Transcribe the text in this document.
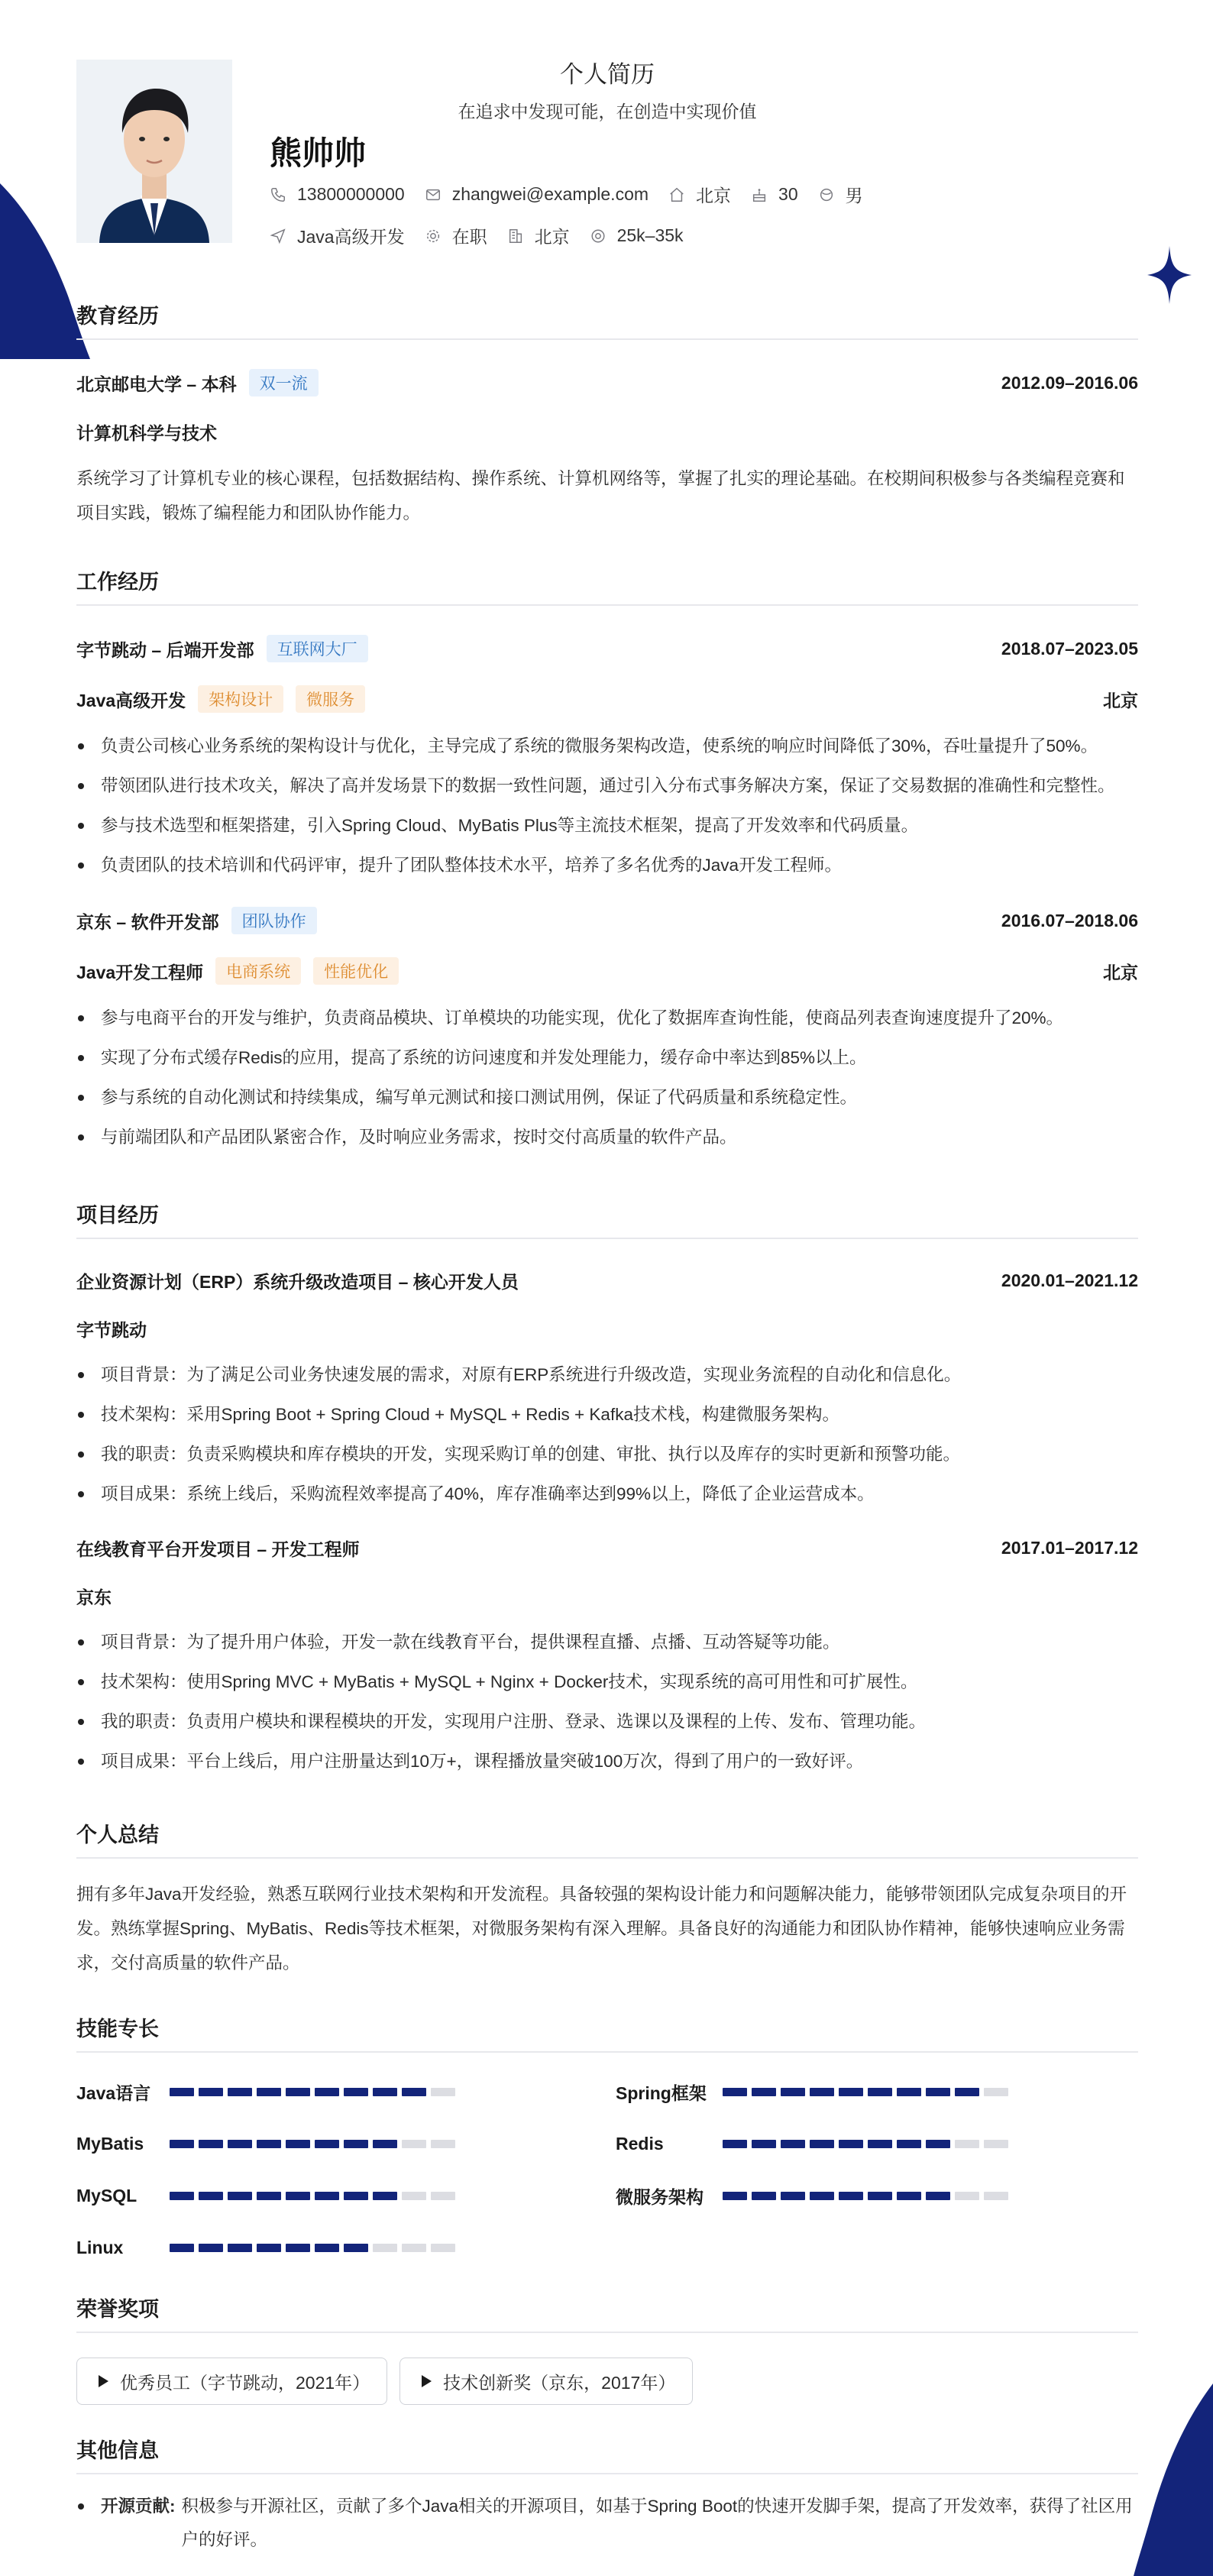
个人简历
在追求中发现可能，在创造中实现价值
熊帅帅
13800000000	zhangwei@example.com	北京	30	男
Java高级开发	在职	北京	25k–35k
教育经历
北京邮电大学 – 本科	双一流	2012.09–2016.06
计算机科学与技术
系统学习了计算机专业的核心课程，包括数据结构、操作系统、计算机网络等，掌握了扎实的理论基础。在校期间积极参与各类编程竞赛和项目实践，锻炼了编程能力和团队协作能力。
工作经历
字节跳动 – 后端开发部	互联网大厂	2018.07–2023.05
Java高级开发	架构设计	微服务	北京
负责公司核心业务系统的架构设计与优化，主导完成了系统的微服务架构改造，使系统的响应时间降低了30%，吞吐量提升了50%。
带领团队进行技术攻关，解决了高并发场景下的数据一致性问题，通过引入分布式事务解决方案，保证了交易数据的准确性和完整性。
参与技术选型和框架搭建，引入Spring Cloud、MyBatis Plus等主流技术框架，提高了开发效率和代码质量。
负责团队的技术培训和代码评审，提升了团队整体技术水平，培养了多名优秀的Java开发工程师。
京东 – 软件开发部	团队协作	2016.07–2018.06
Java开发工程师	电商系统	性能优化	北京
参与电商平台的开发与维护，负责商品模块、订单模块的功能实现，优化了数据库查询性能，使商品列表查询速度提升了20%。
实现了分布式缓存Redis的应用，提高了系统的访问速度和并发处理能力，缓存命中率达到85%以上。
参与系统的自动化测试和持续集成，编写单元测试和接口测试用例，保证了代码质量和系统稳定性。
与前端团队和产品团队紧密合作，及时响应业务需求，按时交付高质量的软件产品。
项目经历
企业资源计划（ERP）系统升级改造项目 – 核心开发人员	2020.01–2021.12
字节跳动
项目背景：为了满足公司业务快速发展的需求，对原有ERP系统进行升级改造，实现业务流程的自动化和信息化。
技术架构：采用Spring Boot + Spring Cloud + MySQL + Redis + Kafka技术栈，构建微服务架构。
我的职责：负责采购模块和库存模块的开发，实现采购订单的创建、审批、执行以及库存的实时更新和预警功能。
项目成果：系统上线后，采购流程效率提高了40%，库存准确率达到99%以上，降低了企业运营成本。
在线教育平台开发项目 – 开发工程师	2017.01–2017.12
京东
项目背景：为了提升用户体验，开发一款在线教育平台，提供课程直播、点播、互动答疑等功能。
技术架构：使用Spring MVC + MyBatis + MySQL + Nginx + Docker技术，实现系统的高可用性和可扩展性。
我的职责：负责用户模块和课程模块的开发，实现用户注册、登录、选课以及课程的上传、发布、管理功能。
项目成果：平台上线后，用户注册量达到10万+，课程播放量突破100万次，得到了用户的一致好评。
个人总结
拥有多年Java开发经验，熟悉互联网行业技术架构和开发流程。具备较强的架构设计能力和问题解决能力，能够带领团队完成复杂项目的开发。熟练掌握Spring、MyBatis、Redis等技术框架，对微服务架构有深入理解。具备良好的沟通能力和团队协作精神，能够快速响应业务需求，交付高质量的软件产品。
技能专长
Java语言	Spring框架
MyBatis	Redis
MySQL	微服务架构
Linux
荣誉奖项
优秀员工（字节跳动，2021年）	技术创新奖（京东，2017年）
其他信息
开源贡献: 积极参与开源社区，贡献了多个Java相关的开源项目，如基于Spring Boot的快速开发脚手架，提高了开发效率，获得了社区用户的好评。
